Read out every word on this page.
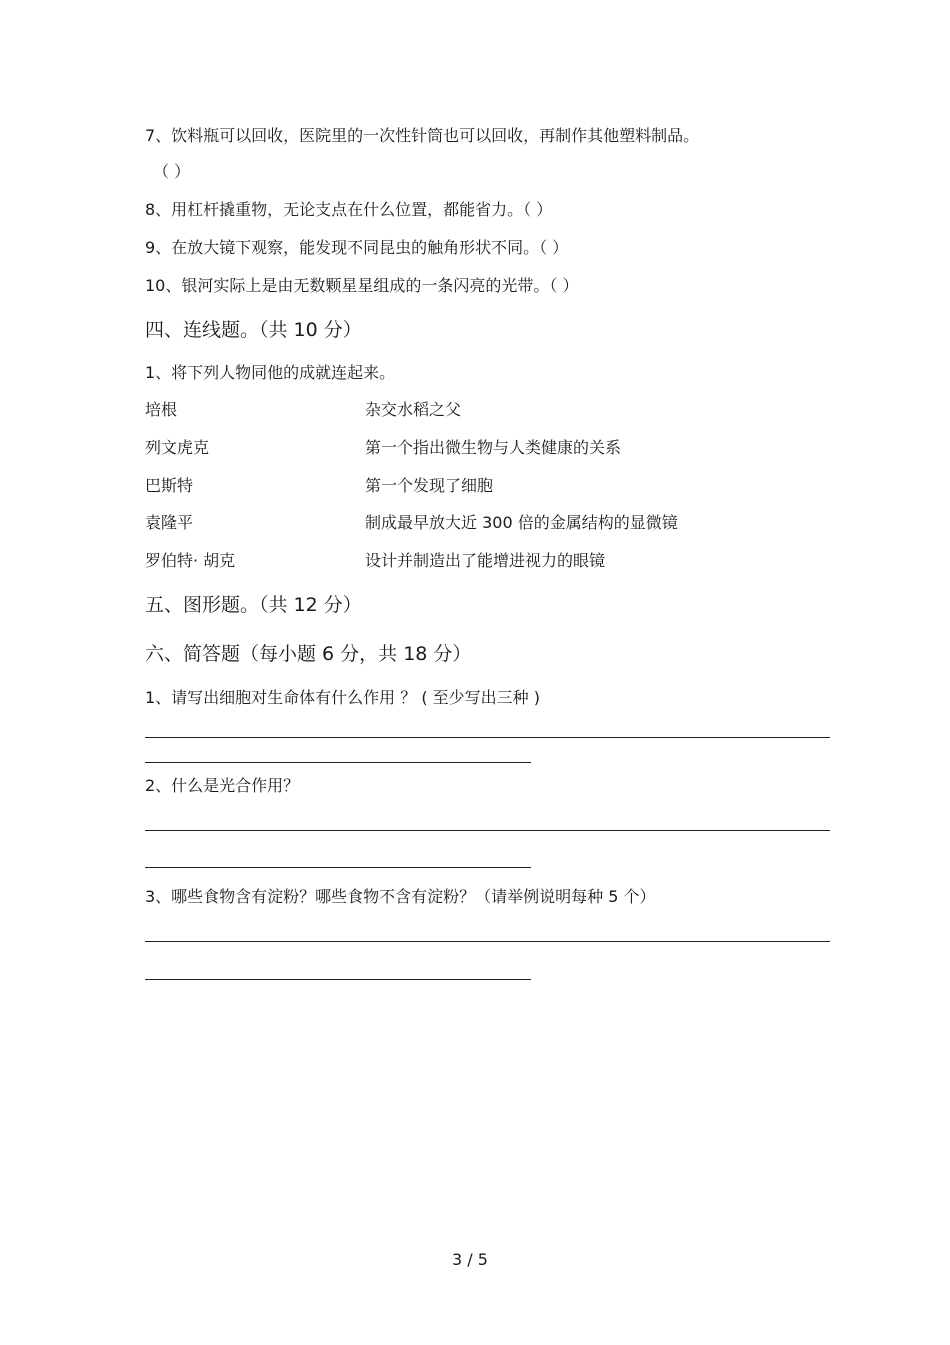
7、饮料瓶可以回收，医院里的一次性针筒也可以回收，再制作其他塑料制品。
（ ）
8、用杠杆撬重物，无论支点在什么位置，都能省力。（ ）
9、在放大镜下观察，能发现不同昆虫的触角形状不同。（ ）
10、银河实际上是由无数颗星星组成的一条闪亮的光带。（ ）
四、连线题。（共 10 分）
1、将下列人物同他的成就连起来。
培根
列文虎克
巴斯特
袁隆平
罗伯特· 胡克
杂交水稻之父
第一个指出微生物与人类健康的关系
第一个发现了细胞
制成最早放大近 300 倍的金属结构的显微镜
设计并制造出了能增进视力的眼镜
五、图形题。（共 12 分）
六、简答题（每小题 6 分，共 18 分）
1、请写出细胞对生命体有什么作用 ？ ( 至少写出三种 )
2、什么是光合作用？
3、哪些食物含有淀粉？哪些食物不含有淀粉？（请举例说明每种 5 个）
3 / 5
